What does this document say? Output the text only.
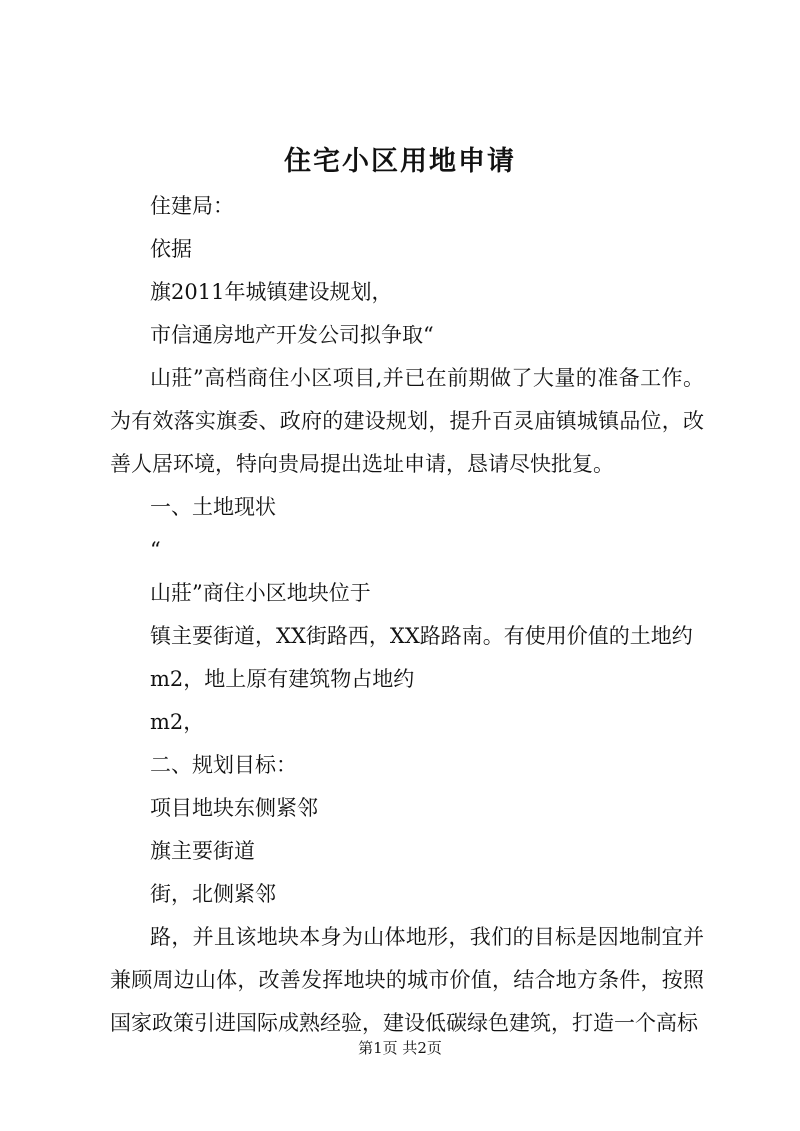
住宅小区用地申请

住建局：

依据

旗2011年城镇建设规划，

市信通房地产开发公司拟争取“

山莊”高档商住小区项目,并已在前期做了大量的准备工作。为有效落实旗委、政府的建设规划，提升百灵庙镇城镇品位，改善人居环境，特向贵局提出选址申请，恳请尽快批复。

一、土地现状

“

山莊”商住小区地块位于

镇主要街道，XX街路西，XX路路南。有使用价值的土地约

m2，地上原有建筑物占地约

m2，

二、规划目标：

项目地块东侧紧邻

旗主要街道

街，北侧紧邻

路，并且该地块本身为山体地形，我们的目标是因地制宜并兼顾周边山体，改善发挥地块的城市价值，结合地方条件，按照国家政策引进国际成熟经验，建设低碳绿色建筑，打造一个高标

第1页 共2页
